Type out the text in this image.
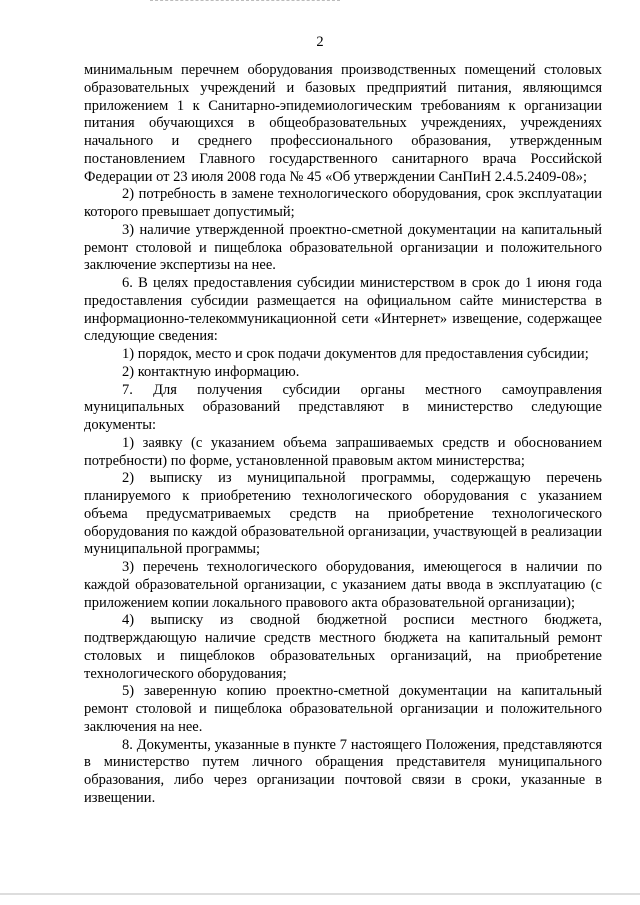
2

минимальным перечнем оборудования производственных помещений столовых образовательных учреждений и базовых предприятий питания, являющимся приложением 1 к Санитарно-эпидемиологическим требованиям к организации питания обучающихся в общеобразовательных учреждениях, учреждениях начального и среднего профессионального образования, утвержденным постановлением Главного государственного санитарного врача Российской Федерации от 23 июля 2008 года № 45 «Об утверждении СанПиН 2.4.5.2409-08»;

2) потребность в замене технологического оборудования, срок эксплуатации которого превышает допустимый;

3) наличие утвержденной проектно-сметной документации на капитальный ремонт столовой и пищеблока образовательной организации и положительного заключение экспертизы на нее.

6. В целях предоставления субсидии министерством в срок до 1 июня года предоставления субсидии размещается на официальном сайте министерства в информационно-телекоммуникационной сети «Интернет» извещение, содержащее следующие сведения:

1) порядок, место и срок подачи документов для предоставления субсидии;

2) контактную информацию.

7. Для получения субсидии органы местного самоуправления муниципальных образований представляют в министерство следующие документы:

1) заявку (с указанием объема запрашиваемых средств и обоснованием потребности) по форме, установленной правовым актом министерства;

2) выписку из муниципальной программы, содержащую перечень планируемого к приобретению технологического оборудования с указанием объема предусматриваемых средств на приобретение технологического оборудования по каждой образовательной организации, участвующей в реализации муниципальной программы;

3) перечень технологического оборудования, имеющегося в наличии по каждой образовательной организации, с указанием даты ввода в эксплуатацию (с приложением копии локального правового акта образовательной организации);

4) выписку из сводной бюджетной росписи местного бюджета, подтверждающую наличие средств местного бюджета на капитальный ремонт столовых и пищеблоков образовательных организаций, на приобретение технологического оборудования;

5) заверенную копию проектно-сметной документации на капитальный ремонт столовой и пищеблока образовательной организации и положительного заключения на нее.

8. Документы, указанные в пункте 7 настоящего Положения, представляются в министерство путем личного обращения представителя муниципального образования, либо через организации почтовой связи в сроки, указанные в извещении.
